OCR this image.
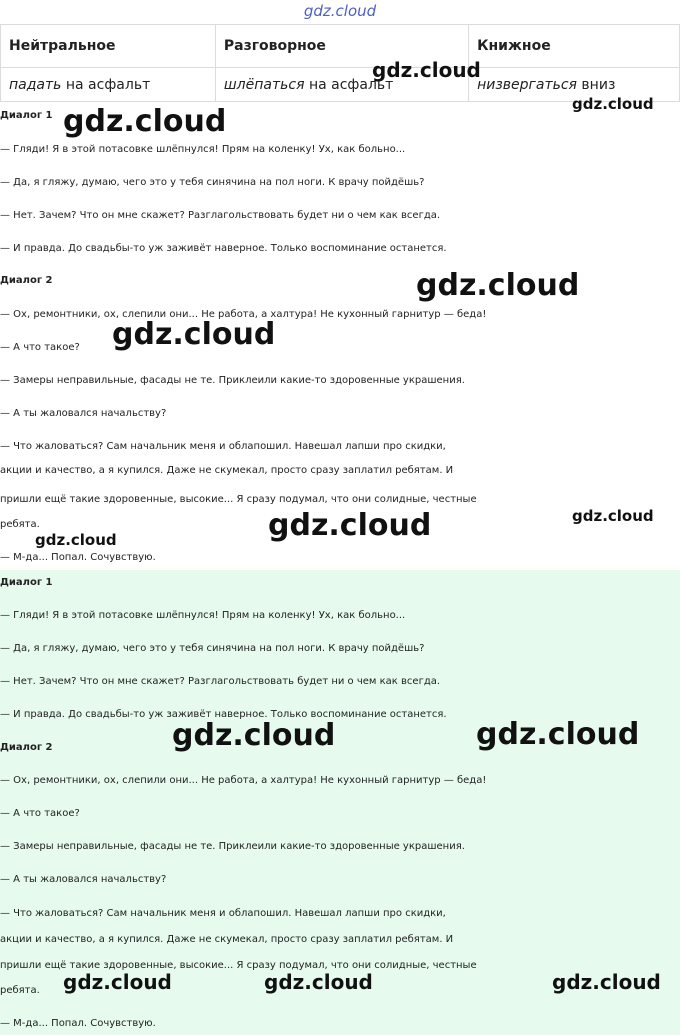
gdz.cloud
Нейтральное	Разговорное	Книжное
падать на асфальт	шлёпаться на асфальт	низвергаться вниз
Диалог 1
— Гляди! Я в этой потасовке шлёпнулся! Прям на коленку! Ух, как больно...
— Да, я гляжу, думаю, чего это у тебя синячина на пол ноги. К врачу пойдёшь?
— Нет. Зачем? Что он мне скажет? Разглагольствовать будет ни о чем как всегда.
— И правда. До свадьбы-то уж заживёт наверное. Только воспоминание останется.
Диалог 2
— Ох, ремонтники, ох, слепили они... Не работа, а халтура! Не кухонный гарнитур — беда!
— А что такое?
— Замеры неправильные, фасады не те. Приклеили какие-то здоровенные украшения.
— А ты жаловался начальству?
— Что жаловаться? Сам начальник меня и облапошил. Навешал лапши про скидки,
акции и качество, а я купился. Даже не скумекал, просто сразу заплатил ребятам. И
пришли ещё такие здоровенные, высокие... Я сразу подумал, что они солидные, честные
ребята.
— М-да... Попал. Сочувствую.
Диалог 1
— Гляди! Я в этой потасовке шлёпнулся! Прям на коленку! Ух, как больно...
— Да, я гляжу, думаю, чего это у тебя синячина на пол ноги. К врачу пойдёшь?
— Нет. Зачем? Что он мне скажет? Разглагольствовать будет ни о чем как всегда.
— И правда. До свадьбы-то уж заживёт наверное. Только воспоминание останется.
Диалог 2
— Ох, ремонтники, ох, слепили они... Не работа, а халтура! Не кухонный гарнитур — беда!
— А что такое?
— Замеры неправильные, фасады не те. Приклеили какие-то здоровенные украшения.
— А ты жаловался начальству?
— Что жаловаться? Сам начальник меня и облапошил. Навешал лапши про скидки,
акции и качество, а я купился. Даже не скумекал, просто сразу заплатил ребятам. И
пришли ещё такие здоровенные, высокие... Я сразу подумал, что они солидные, честные
ребята.
— М-да... Попал. Сочувствую.
gdz.cloud
gdz.cloud
gdz.cloud
gdz.cloud
gdz.cloud
gdz.cloud
gdz.cloud
gdz.cloud
gdz.cloud	gdz.cloud
gdz.cloud	gdz.cloud	gdz.cloud
